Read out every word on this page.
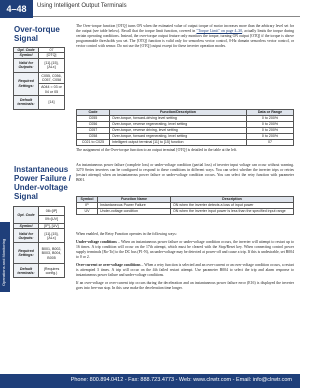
4–48	Using Intelligent Output Terminals
Operations and Monitoring
Over-torque
Signal
Opt. Code	07
Symbol	[OTQ]
Valid for Outputs:	[11]-[15], [ALx]
Required Settings:	C055, C056, C057, C058
	A044 = 03 or 04 or 05
Default terminals:	[14]
The Over-torque function [OTQ] turns ON when the estimated value of output torque of motor increases more than the arbitrary level set for the output (see table below). Recall that the torque limit function, covered in "Torque Limit" on page 4–30, actually limits the torque during certain operating conditions. Instead, the over-torque output feature only monitors the torque, turning ON output [OTQ] if the torque is above programmable thresholds you set. The [OTQ] function is valid only for sensorless vector control, 0-Hz domain sensorless vector control, or vector control with sensor. Do not use the [OTQ] output except for these inverter operation modes.
Code	Function/Description	Data or Range
C055	Over-torque, forward-driving level setting	0 to 200%
C056	Over-torque, reverse regenerating, level setting	0 to 200%
C057	Over-torque, reverse driving, level setting	0 to 200%
C058	Over-torque, forward regenerating, level setting	0 to 200%
C021 to C025	Intelligent output terminal [11] to [15] function	07
The assignment of the Over-torque function to an output terminal [OTQ] is detailed in the table at the left.
Instantaneous
Power Failure /
Under-voltage
Signal
Opt. Code	08=[IP]
	09=[UV]
Symbol	[IP], [UV]
Valid for Outputs:	[11]-[15], [ALx]
Required Settings:	B001, B002, B003, B004, B005
Default terminals:	(Requires config.)
An instantaneous power failure (complete loss) or under-voltage condition (partial loss) of inverter input voltage can occur without warning. 3270 Series inverters can be configured to respond to these conditions in different ways. You can select whether the inverter trips or retries (restart attempt) when an instantaneous power failure or under-voltage condition occurs. You can select the retry function with parameter B001.
Symbol	Function Name	Description
IP	Instantaneous Power Failure	ON when the inverter detects a loss of input power
UV	Under-voltage condition	ON when the inverter input power is less than the specified input range

When enabled, the Retry Function operates in the following ways:

Under-voltage conditions – When an instantaneous power failure or under-voltage condition occurs, the inverter will attempt to restart up to 16 times. A trip condition will occur on the 17th attempt, which must be cleared with the Stop/Reset key. When connecting control power supply terminals [Ro-To] to the DC bus (P1-N), an under-voltage may be detected at power-off and cause a trip. If this is undesirable, set B004 to 0 or 2.

Over-current or over-voltage conditions – When a retry function is selected and an over-current or an over-voltage condition occurs, a restart is attempted 3 times. A trip will occur on the 4th failed restart attempt. Use parameter B004 to select the trip and alarm response to instantaneous power failure and under-voltage conditions.

If an over-voltage or over-current trip occurs during the deceleration and an instantaneous power failure error (E16) is displayed the inverter goes into free-run stop. In this case make the deceleration time longer.

Phone: 800.894.0412 - Fax: 888.723.4773 - Web: www.clrwtr.com - Email: info@clrwtr.com
